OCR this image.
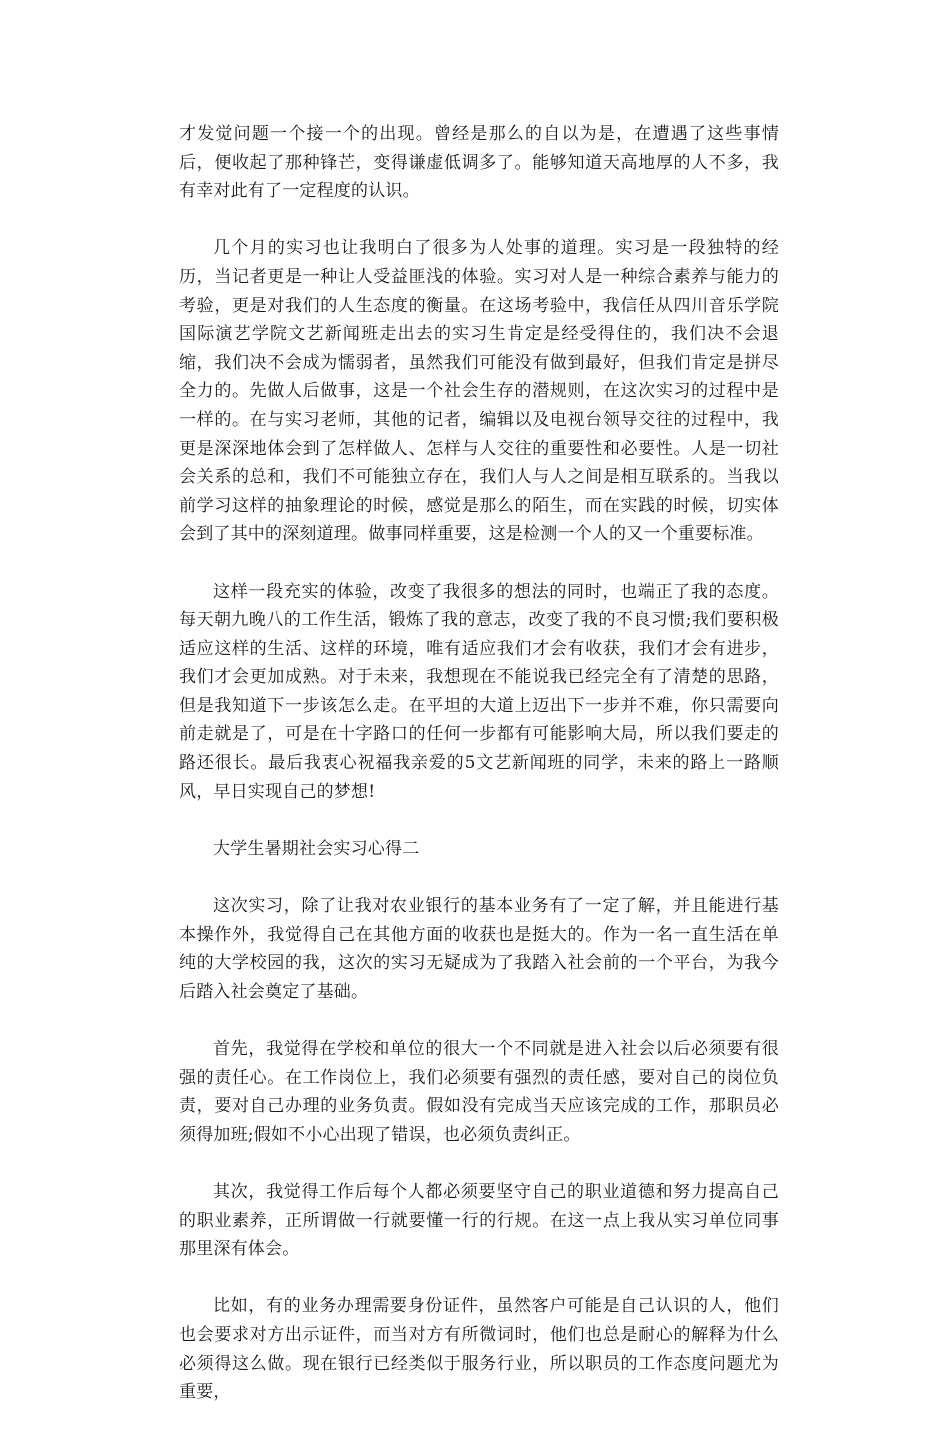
才发觉问题一个接一个的出现。曾经是那么的自以为是，在遭遇了这些事情后，便收起了那种锋芒，变得谦虚低调多了。能够知道天高地厚的人不多，我有幸对此有了一定程度的认识。

几个月的实习也让我明白了很多为人处事的道理。实习是一段独特的经历，当记者更是一种让人受益匪浅的体验。实习对人是一种综合素养与能力的考验，更是对我们的人生态度的衡量。在这场考验中，我信任从四川音乐学院国际演艺学院文艺新闻班走出去的实习生肯定是经受得住的，我们决不会退缩，我们决不会成为懦弱者，虽然我们可能没有做到最好，但我们肯定是拼尽全力的。先做人后做事，这是一个社会生存的潜规则，在这次实习的过程中是一样的。在与实习老师，其他的记者，编辑以及电视台领导交往的过程中，我更是深深地体会到了怎样做人、怎样与人交往的重要性和必要性。人是一切社会关系的总和，我们不可能独立存在，我们人与人之间是相互联系的。当我以前学习这样的抽象理论的时候，感觉是那么的陌生，而在实践的时候，切实体会到了其中的深刻道理。做事同样重要，这是检测一个人的又一个重要标准。

这样一段充实的体验，改变了我很多的想法的同时，也端正了我的态度。每天朝九晚八的工作生活，锻炼了我的意志，改变了我的不良习惯;我们要积极适应这样的生活、这样的环境，唯有适应我们才会有收获，我们才会有进步，我们才会更加成熟。对于未来，我想现在不能说我已经完全有了清楚的思路，但是我知道下一步该怎么走。在平坦的大道上迈出下一步并不难，你只需要向前走就是了，可是在十字路口的任何一步都有可能影响大局，所以我们要走的路还很长。最后我衷心祝福我亲爱的5文艺新闻班的同学，未来的路上一路顺风，早日实现自己的梦想!

大学生暑期社会实习心得二

这次实习，除了让我对农业银行的基本业务有了一定了解，并且能进行基本操作外，我觉得自己在其他方面的收获也是挺大的。作为一名一直生活在单纯的大学校园的我，这次的实习无疑成为了我踏入社会前的一个平台，为我今后踏入社会奠定了基础。

首先，我觉得在学校和单位的很大一个不同就是进入社会以后必须要有很强的责任心。在工作岗位上，我们必须要有强烈的责任感，要对自己的岗位负责，要对自己办理的业务负责。假如没有完成当天应该完成的工作，那职员必须得加班;假如不小心出现了错误，也必须负责纠正。

其次，我觉得工作后每个人都必须要坚守自己的职业道德和努力提高自己的职业素养，正所谓做一行就要懂一行的行规。在这一点上我从实习单位同事那里深有体会。

比如，有的业务办理需要身份证件，虽然客户可能是自己认识的人，他们也会要求对方出示证件，而当对方有所微词时，他们也总是耐心的解释为什么必须得这么做。现在银行已经类似于服务行业，所以职员的工作态度问题尤为重要，
